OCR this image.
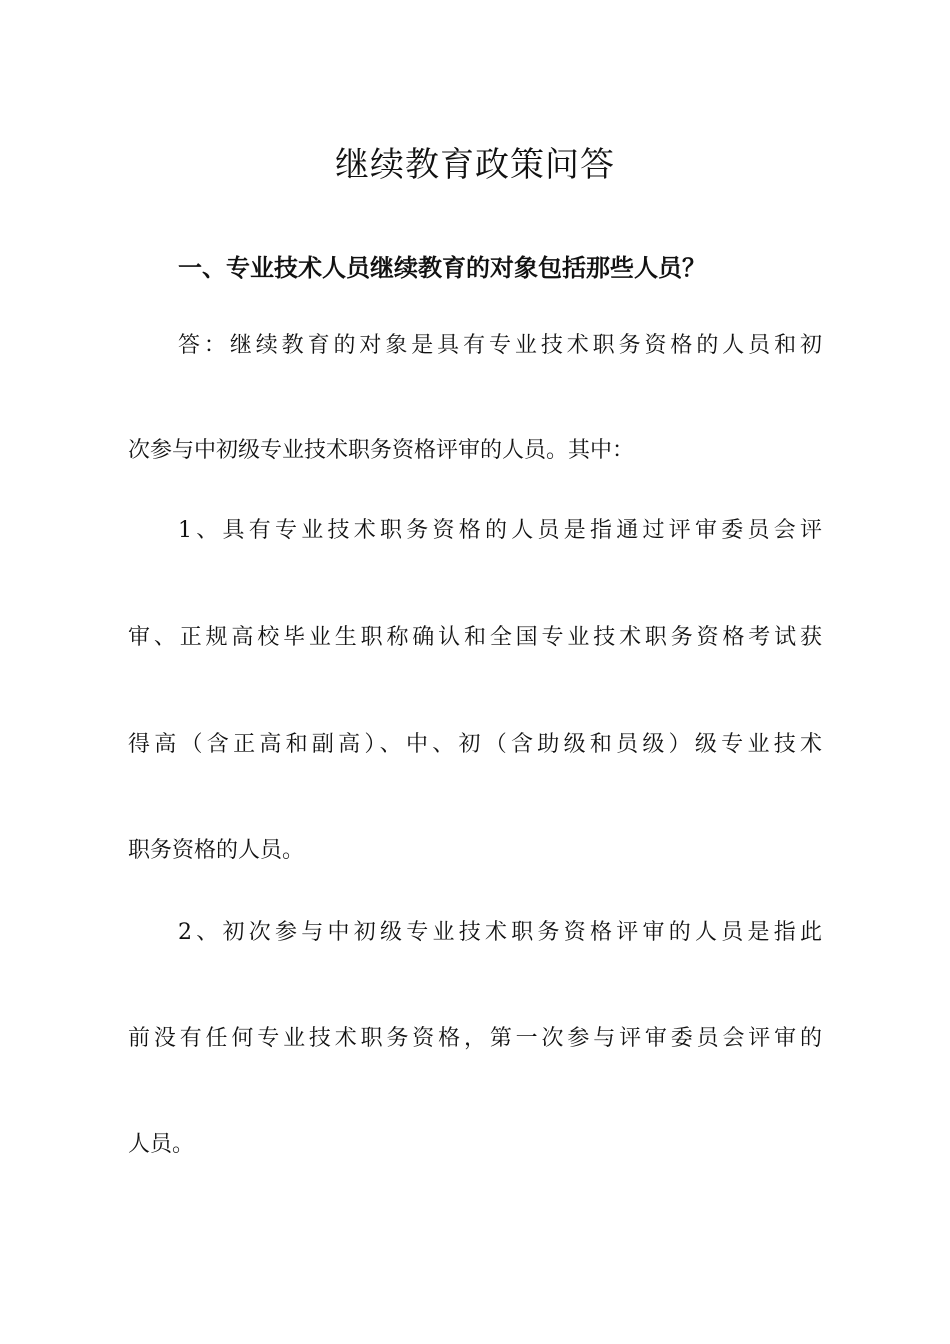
继续教育政策问答
一、专业技术人员继续教育的对象包括那些人员？

答：继续教育的对象是具有专业技术职务资格的人员和初

次参与中初级专业技术职务资格评审的人员。其中：

1、具有专业技术职务资格的人员是指通过评审委员会评

审、正规高校毕业生职称确认和全国专业技术职务资格考试获

得高（含正高和副高）、中、初（含助级和员级）级专业技术

职务资格的人员。

2、初次参与中初级专业技术职务资格评审的人员是指此

前没有任何专业技术职务资格，第一次参与评审委员会评审的

人员。
